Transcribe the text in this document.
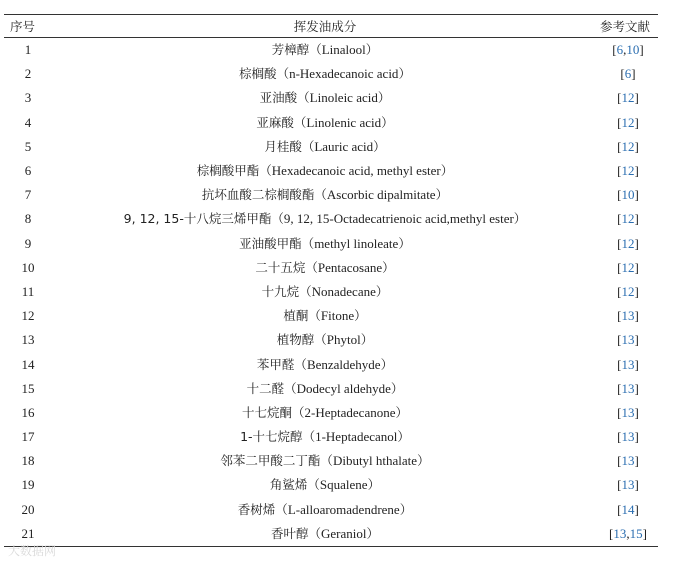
序号	挥发油成分	参考文献
1	芳樟醇（Linalool）	[6,10]
2	棕榈酸（n-Hexadecanoic acid）	[6]
3	亚油酸（Linoleic acid）	[12]
4	亚麻酸（Linolenic acid）	[12]
5	月桂酸（Lauric acid）	[12]
6	棕榈酸甲酯（Hexadecanoic acid, methyl ester）	[12]
7	抗坏血酸二棕榈酸酯（Ascorbic dipalmitate）	[10]
8	9, 12, 15-十八烷三烯甲酯（9, 12, 15-Octadecatrienoic acid,methyl ester）	[12]
9	亚油酸甲酯（methyl linoleate）	[12]
10	二十五烷（Pentacosane）	[12]
11	十九烷（Nonadecane）	[12]
12	植酮（Fitone）	[13]
13	植物醇（Phytol）	[13]
14	苯甲醛（Benzaldehyde）	[13]
15	十二醛（Dodecyl aldehyde）	[13]
16	十七烷酮（2-Heptadecanone）	[13]
17	1-十七烷醇（1-Heptadecanol）	[13]
18	邻苯二甲酸二丁酯（Dibutyl hthalate）	[13]
19	角鲨烯（Squalene）	[13]
20	香树烯（L-alloaromadendrene）	[14]
21	香叶醇（Geraniol）	[13,15]
大数据网
